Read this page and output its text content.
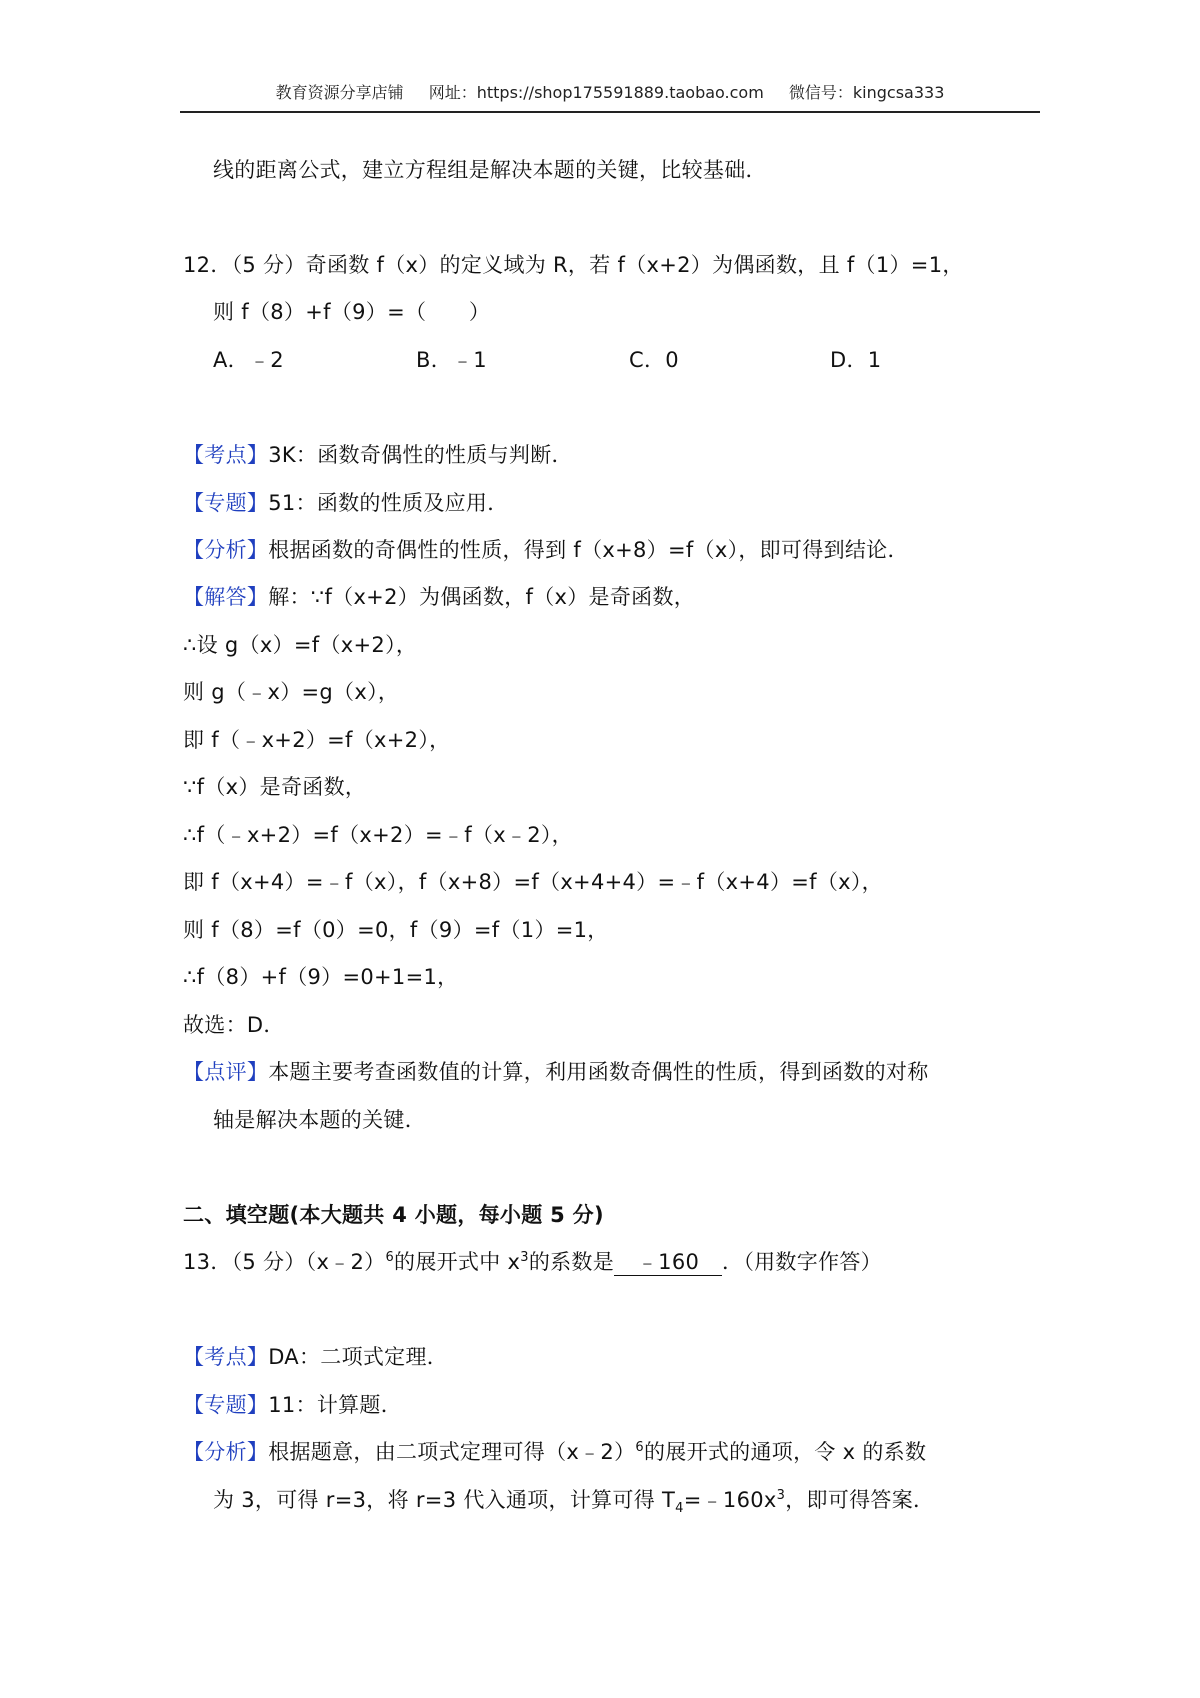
教育资源分享店铺 网址：https://shop175591889.taobao.com 微信号：kingcsa333
线的距离公式，建立方程组是解决本题的关键，比较基础．
12．（5 分）奇函数 f（x）的定义域为 R，若 f（x+2）为偶函数，且 f（1）=1，
则 f（8）+f（9）=（　　）
A．﹣2	B．﹣1	C．0	D．1
【考点】3K：函数奇偶性的性质与判断．
【专题】51：函数的性质及应用．
【分析】根据函数的奇偶性的性质，得到 f（x+8）=f（x），即可得到结论．
【解答】解：∵f（x+2）为偶函数，f（x）是奇函数，
∴设 g（x）=f（x+2），
则 g（﹣x）=g（x），
即 f（﹣x+2）=f（x+2），
∵f（x）是奇函数，
∴f（﹣x+2）=f（x+2）=﹣f（x﹣2），
即 f（x+4）=﹣f（x），f（x+8）=f（x+4+4）=﹣f（x+4）=f（x），
则 f（8）=f（0）=0，f（9）=f（1）=1，
∴f（8）+f（9）=0+1=1，
故选：D．
【点评】本题主要考查函数值的计算，利用函数奇偶性的性质，得到函数的对称
轴是解决本题的关键．
二、填空题(本大题共 4 小题，每小题 5 分)
13．（5 分）（x﹣2）$^6$的展开式中 $x^3$的系数是 ﹣160 ．（用数字作答）
【考点】DA：二项式定理．
【专题】11：计算题．
【分析】根据题意，由二项式定理可得（x﹣2）$^6$的展开式的通项，令 x 的系数
为 3，可得 r=3，将 r=3 代入通项，计算可得 $T_4=﹣160x^3$，即可得答案．
